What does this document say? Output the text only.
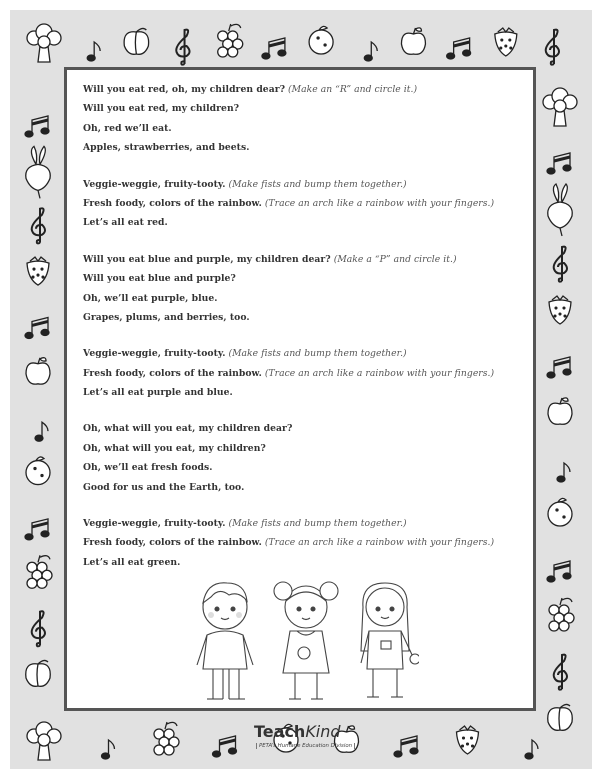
Will you eat red, oh, my children dear? (Make an “R” and circle it.)
Will you eat red, my children?
Oh, red we’ll eat.
Apples, strawberries, and beets.
Veggie-weggie, fruity-tooty. (Make fists and bump them together.)
Fresh foody, colors of the rainbow. (Trace an arch like a rainbow with your fingers.)
Let’s all eat red.
Will you eat blue and purple, my children dear? (Make a “P” and circle it.)
Will you eat blue and purple?
Oh, we’ll eat purple, blue.
Grapes, plums, and berries, too.
Veggie-weggie, fruity-tooty. (Make fists and bump them together.)
Fresh foody, colors of the rainbow. (Trace an arch like a rainbow with your fingers.)
Let’s all eat purple and blue.
Oh, what will you eat, my children dear?
Oh, what will you eat, my children?
Oh, we’ll eat fresh foods.
Good for us and the Earth, too.
Veggie-weggie, fruity-tooty. (Make fists and bump them together.)
Fresh foody, colors of the rainbow. (Trace an arch like a rainbow with your fingers.)
Let’s all eat green.
TeachKind
PETA’s Humane Education Division
